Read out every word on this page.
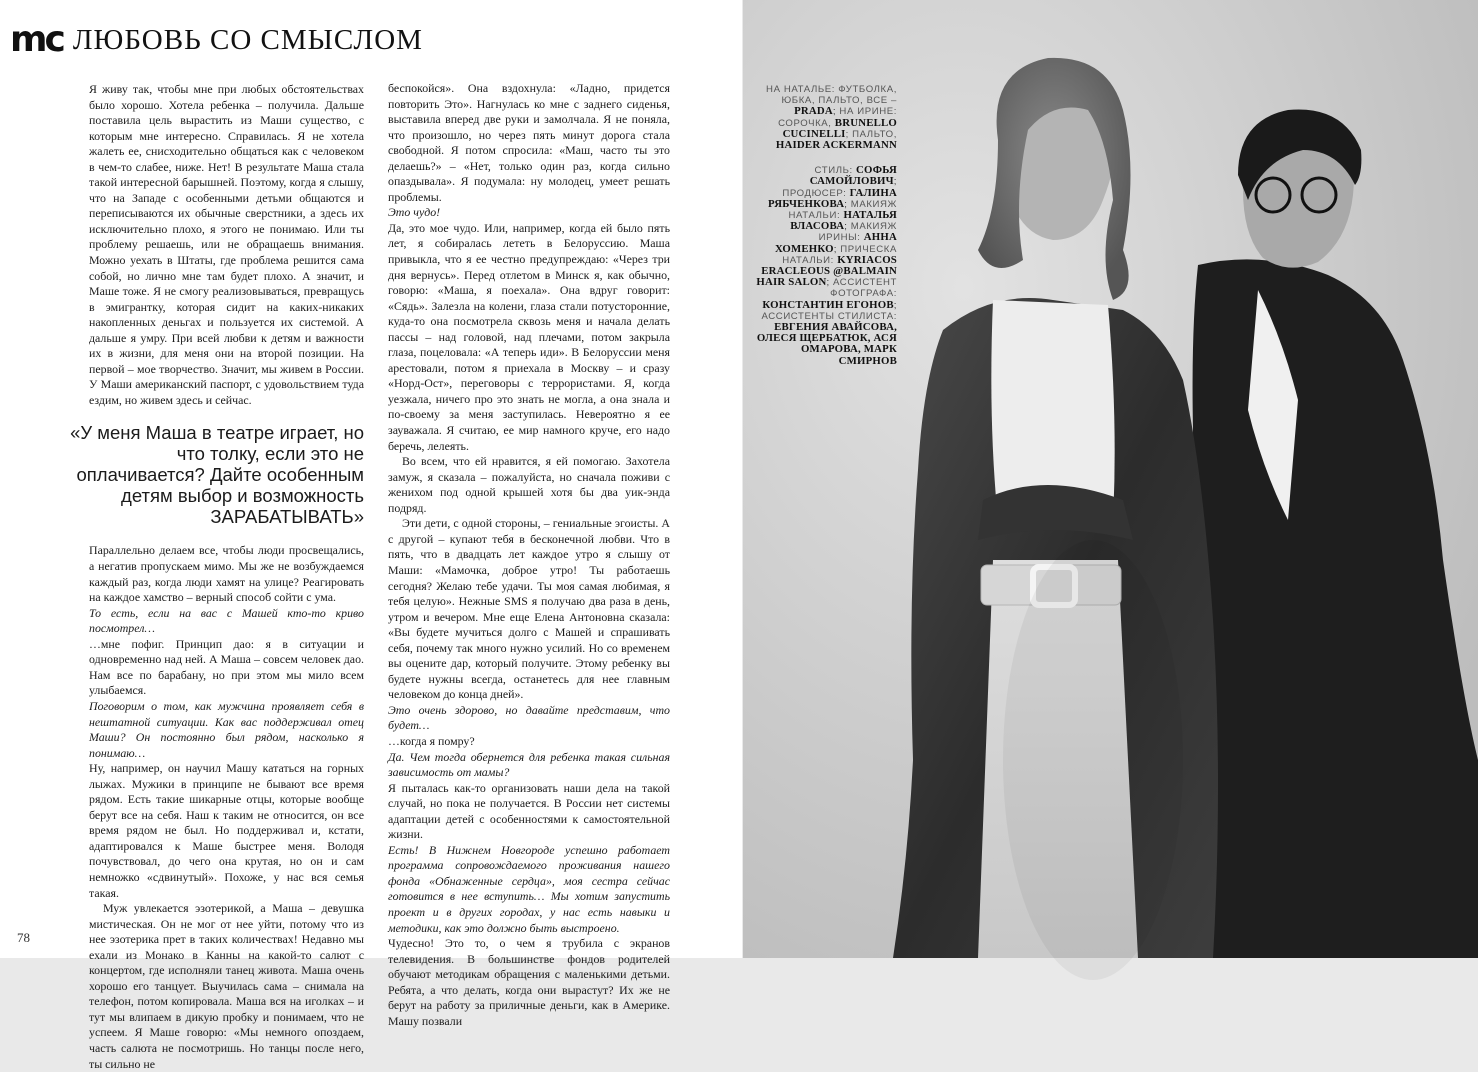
mc ЛЮБОВЬ СО СМЫСЛОМ

Я живу так, чтобы мне при любых обстоятельствах было хорошо. Хотела ребенка – получила. Дальше поставила цель вырастить из Маши существо, с которым мне интересно. Справилась. Я не хотела жалеть ее, снисходительно общаться как с человеком в чем-то слабее, ниже. Нет! В результате Маша стала такой интересной барышней. Поэтому, когда я слышу, что на Западе с особенными детьми общаются и переписываются их обычные сверстники, а здесь их исключительно плохо, я этого не понимаю. Или ты проблему решаешь, или не обращаешь внимания. Можно уехать в Штаты, где проблема решится сама собой, но лично мне там будет плохо. А значит, и Маше тоже. Я не смогу реализовываться, превращусь в эмигрантку, которая сидит на каких-никаких накопленных деньгах и пользуется их системой. А дальше я умру. При всей любви к детям и важности их в жизни, для меня они на второй позиции. На первой – мое творчество. Значит, мы живем в России. У Маши американский паспорт, с удовольствием туда ездим, но живем здесь и сейчас.

«У меня Маша в театре играет, но что толку, если это не оплачивается? Дайте особенным детям выбор и возможность ЗАРАБАТЫВАТЬ»

Параллельно делаем все, чтобы люди просвещались, а негатив пропускаем мимо. Мы же не возбуждаемся каждый раз, когда люди хамят на улице? Реагировать на каждое хамство – верный способ сойти с ума.

То есть, если на вас с Машей кто-то криво посмотрел…

…мне пофиг. Принцип дао: я в ситуации и одновременно над ней. А Маша – совсем человек дао. Нам все по барабану, но при этом мы мило всем улыбаемся.

Поговорим о том, как мужчина проявляет себя в нештатной ситуации. Как вас поддерживал отец Маши? Он постоянно был рядом, насколько я понимаю…

Ну, например, он научил Машу кататься на горных лыжах. Мужики в принципе не бывают все время рядом. Есть такие шикарные отцы, которые вообще берут все на себя. Наш к таким не относится, он все время рядом не был. Но поддерживал и, кстати, адаптировался к Маше быстрее меня. Володя почувствовал, до чего она крутая, но он и сам немножко «сдвинутый». Похоже, у нас вся семья такая.

Муж увлекается эзотерикой, а Маша – девушка мистическая. Он не мог от нее уйти, потому что из нее эзотерика прет в таких количествах! Недавно мы ехали из Монако в Канны на какой-то салют с концертом, где исполняли танец живота. Маша очень хорошо его танцует. Выучилась сама – снимала на телефон, потом копировала. Маша вся на иголках – и тут мы влипаем в дикую пробку и понимаем, что не успеем. Я Маше говорю: «Мы немного опоздаем, часть салюта не посмотришь. Но танцы после него, ты сильно не

беспокойся». Она вздохнула: «Ладно, придется повторить Это». Нагнулась ко мне с заднего сиденья, выставила вперед две руки и замолчала. Я не поняла, что произошло, но через пять минут дорога стала свободной. Я потом спросила: «Маш, часто ты это делаешь?» – «Нет, только один раз, когда сильно опаздывала». Я подумала: ну молодец, умеет решать проблемы.

Это чудо!

Да, это мое чудо. Или, например, когда ей было пять лет, я собиралась лететь в Белоруссию. Маша привыкла, что я ее честно предупреждаю: «Через три дня вернусь». Перед отлетом в Минск я, как обычно, говорю: «Маша, я поехала». Она вдруг говорит: «Сядь». Залезла на колени, глаза стали потусторонние, куда-то она посмотрела сквозь меня и начала делать пассы – над головой, над плечами, потом закрыла глаза, поцеловала: «А теперь иди». В Белоруссии меня арестовали, потом я приехала в Москву – и сразу «Норд-Ост», переговоры с террористами. Я, когда уезжала, ничего про это знать не могла, а она знала и по-своему за меня заступилась. Невероятно я ее зауважала. Я считаю, ее мир намного круче, его надо беречь, лелеять.

Во всем, что ей нравится, я ей помогаю. Захотела замуж, я сказала – пожалуйста, но сначала поживи с женихом под одной крышей хотя бы два уик-энда подряд.

Эти дети, с одной стороны, – гениальные эгоисты. А с другой – купают тебя в бесконечной любви. Что в пять, что в двадцать лет каждое утро я слышу от Маши: «Мамочка, доброе утро! Ты работаешь сегодня? Желаю тебе удачи. Ты моя самая любимая, я тебя целую». Нежные SMS я получаю два раза в день, утром и вечером. Мне еще Елена Антоновна сказала: «Вы будете мучиться долго с Машей и спрашивать себя, почему так много нужно усилий. Но со временем вы оцените дар, который получите. Этому ребенку вы будете нужны всегда, останетесь для нее главным человеком до конца дней».

Это очень здорово, но давайте представим, что будет…

…когда я помру?

Да. Чем тогда обернется для ребенка такая сильная зависимость от мамы?

Я пыталась как-то организовать наши дела на такой случай, но пока не получается. В России нет системы адаптации детей с особенностями к самостоятельной жизни.

Есть! В Нижнем Новгороде успешно работает программа сопровождаемого проживания нашего фонда «Обнаженные сердца», моя сестра сейчас готовится в нее вступить… Мы хотим запустить проект и в других городах, у нас есть навыки и методики, как это должно быть выстроено.

Чудесно! Это то, о чем я трубила с экранов телевидения. В большинстве фондов родителей обучают методикам обращения с маленькими детьми. Ребята, а что делать, когда они вырастут? Их же не берут на работу за приличные деньги, как в Америке. Машу позвали

78
НА НАТАЛЬЕ: ФУТБОЛКА, ЮБКА, ПАЛЬТО, ВСЕ – PRADA; НА ИРИНЕ: СОРОЧКА, BRUNELLO CUCINELLI; ПАЛЬТО, HAIDER ACKERMANN
СТИЛЬ: СОФЬЯ САМОЙЛОВИЧ; ПРОДЮСЕР: ГАЛИНА РЯБЧЕНКОВА; МАКИЯЖ НАТАЛЬИ: НАТАЛЬЯ ВЛАСОВА; МАКИЯЖ ИРИНЫ: АННА ХОМЕНКО; ПРИЧЕСКА НАТАЛЬИ: KYRIACOS ERACLEOUS @BALMAIN HAIR SALON; АССИСТЕНТ ФОТОГРАФА: КОНСТАНТИН ЕГОНОВ; АССИСТЕНТЫ СТИЛИСТА: ЕВГЕНИЯ АВАЙСОВА, ОЛЕСЯ ЩЕРБАТЮК, АСЯ ОМАРОВА, МАРК СМИРНОВ
